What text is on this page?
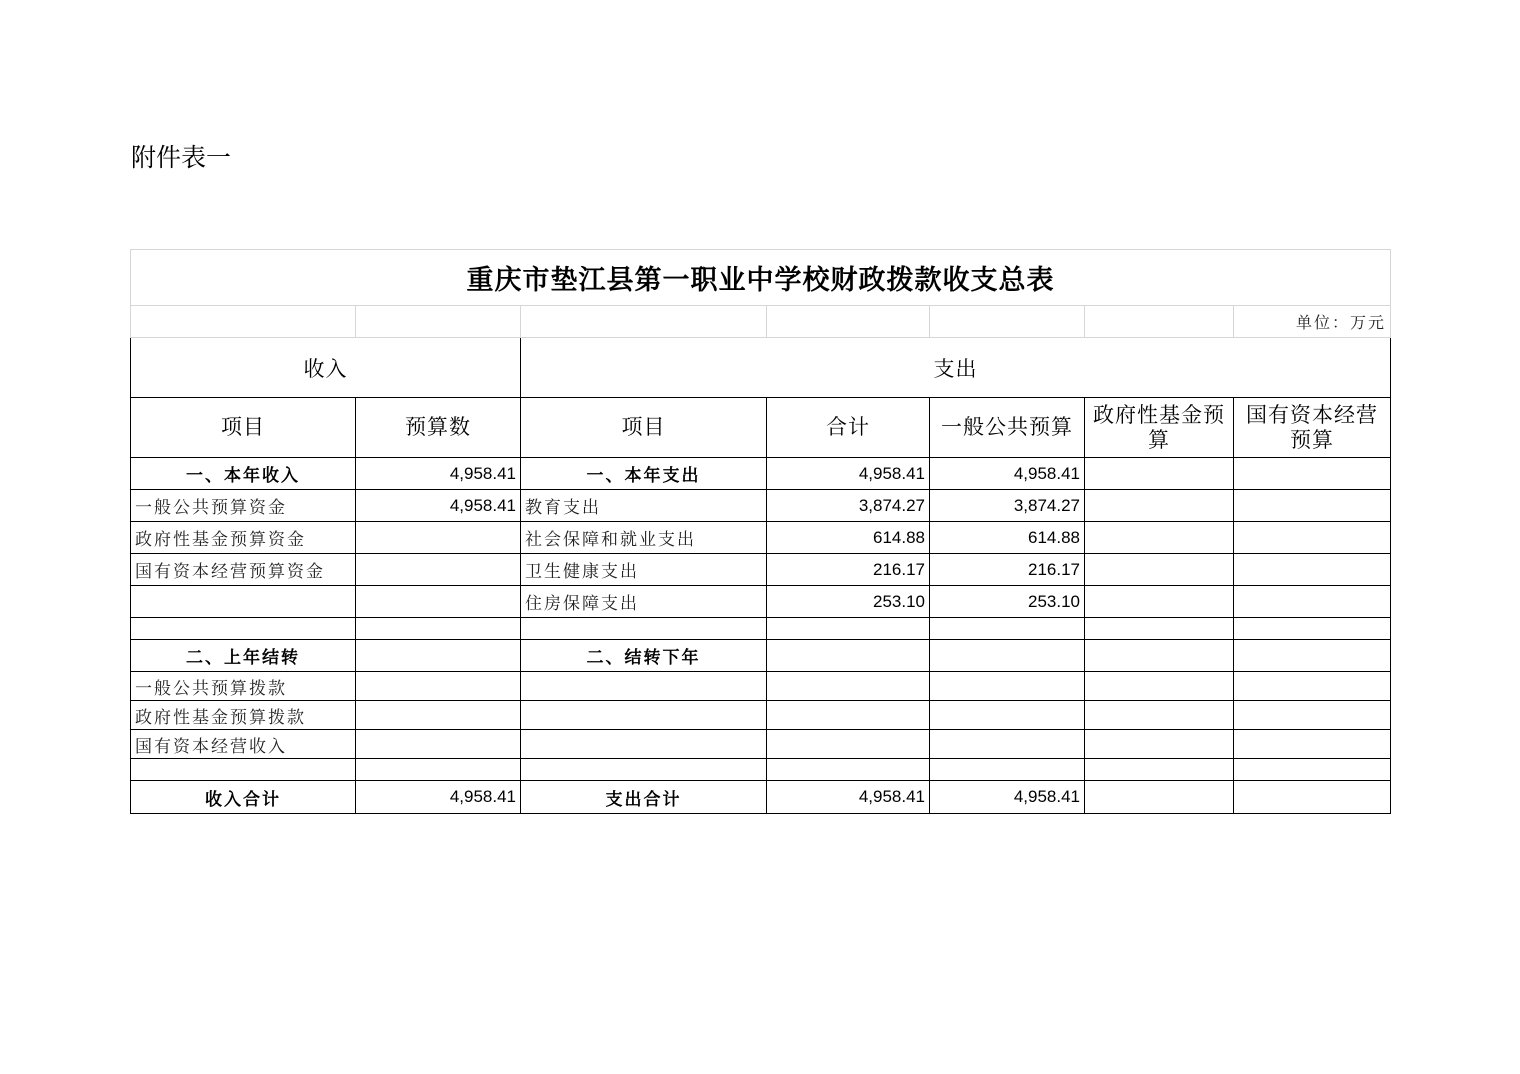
附件表一
重庆市垫江县第一职业中学校财政拨款收支总表						
						单位：万元
收入		支出				
项目	预算数	项目	合计	一般公共预算	政府性基金预算	国有资本经营预算
一、本年收入	4,958.41	一、本年支出	4,958.41	4,958.41		
一般公共预算资金	4,958.41	教育支出	3,874.27	3,874.27		
政府性基金预算资金		社会保障和就业支出	614.88	614.88		
国有资本经营预算资金		卫生健康支出	216.17	216.17		
		住房保障支出	253.10	253.10		

二、上年结转		二、结转下年				
一般公共预算拨款						
政府性基金预算拨款						
国有资本经营收入						

收入合计	4,958.41	支出合计	4,958.41	4,958.41		
